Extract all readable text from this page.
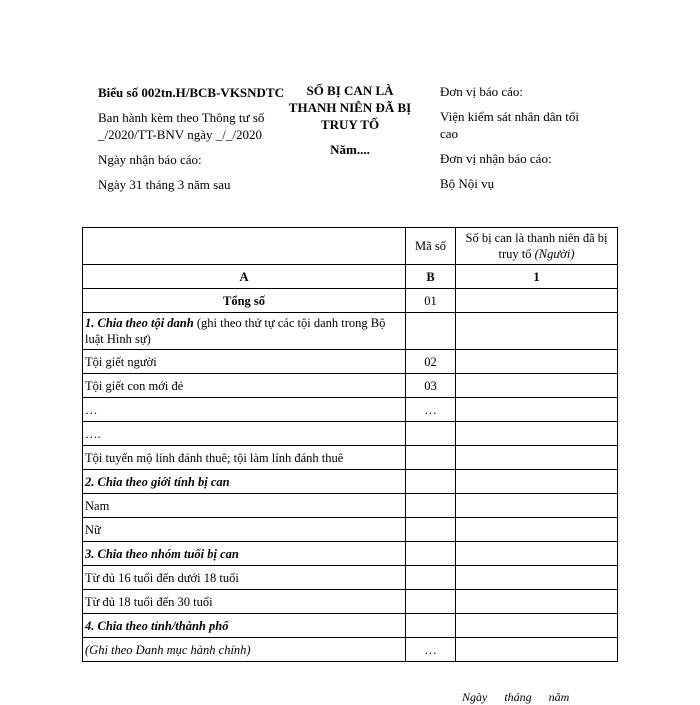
Biểu số 002tn.H/BCB-VKSNDTC

Ban hành kèm theo Thông tư số _/2020/TT-BNV ngày _/_/2020

Ngày nhận báo cáo:

Ngày 31 tháng 3 năm sau

SỐ BỊ CAN LÀ THANH NIÊN ĐÃ BỊ TRUY TỐ
Năm....

Đơn vị báo cáo:

Viện kiểm sát nhân dân tối cao

Đơn vị nhận báo cáo:

Bộ Nội vụ

	Mã số	Số bị can là thanh niên đã bị truy tố (Người)
A	B	1
Tổng số	01	
1. Chia theo tội danh (ghi theo thứ tự các tội danh trong Bộ luật Hình sự)		
Tội giết người	02	
Tội giết con mới đẻ	03	
…	…	
….		
Tội tuyển mộ lính đánh thuê; tội làm lính đánh thuê		
2. Chia theo giới tính bị can		
Nam		
Nữ		
3. Chia theo nhóm tuổi bị can		
Từ đủ 16 tuổi đến dưới 18 tuổi		
Từ đủ 18 tuổi đến 30 tuổi		
4. Chia theo tỉnh/thành phố		
(Ghi theo Danh mục hành chính)	…	
Ngày tháng năm
